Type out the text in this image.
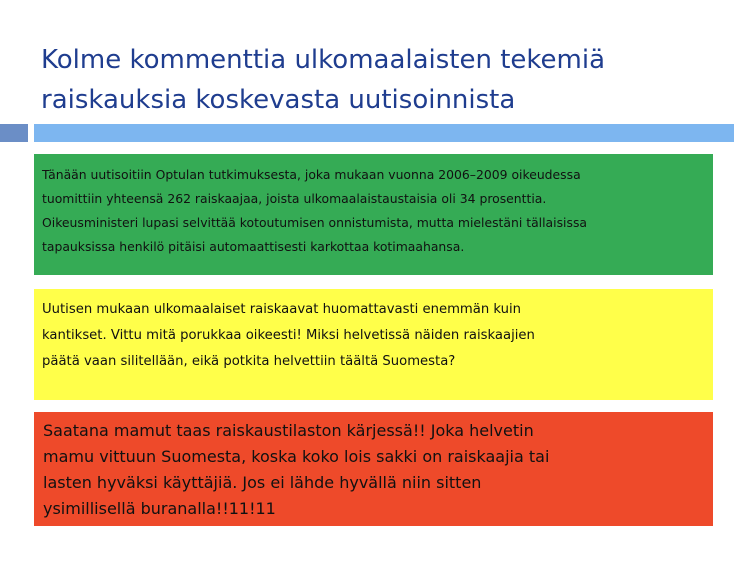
Kolme kommenttia ulkomaalaisten tekemiä
raiskauksia koskevasta uutisoinnista

Tänään uutisoitiin Optulan tutkimuksesta, joka mukaan vuonna 2006–2009 oikeudessa
tuomittiin yhteensä 262 raiskaajaa, joista ulkomaalaistaustaisia oli 34 prosenttia.
Oikeusministeri lupasi selvittää kotoutumisen onnistumista, mutta mielestäni tällaisissa
tapauksissa henkilö pitäisi automaattisesti karkottaa kotimaahansa.

Uutisen mukaan ulkomaalaiset raiskaavat huomattavasti enemmän kuin
kantikset. Vittu mitä porukkaa oikeesti! Miksi helvetissä näiden raiskaajien
päätä vaan silitellään, eikä potkita helvettiin täältä Suomesta?

Saatana mamut taas raiskaustilaston kärjessä!! Joka helvetin
mamu vittuun Suomesta, koska koko lois sakki on raiskaajia tai
lasten hyväksi käyttäjiä. Jos ei lähde hyvällä niin sitten
ysimillisellä buranalla!!11!11
